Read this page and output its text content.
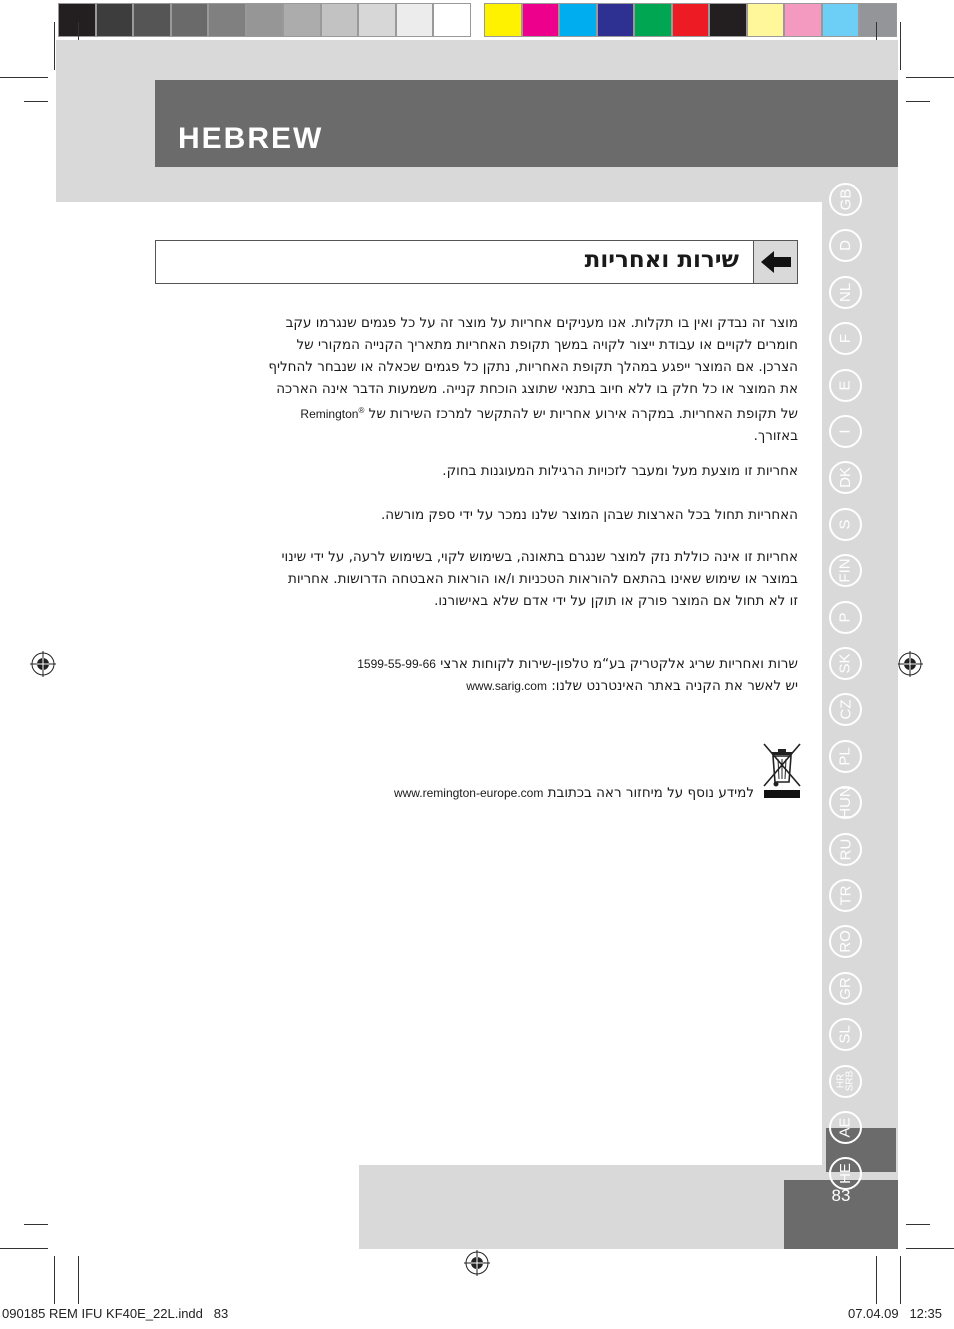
HEBREW
83
GB
D
NL
F
E
I
DK
S
FIN
P
SK
CZ
PL
HUN
RU
TR
RO
GR
SL
HR
SRB
AE
HE
שירות ואחריות
מוצר זה נבדק ואין בו תקלות. אנו מעניקים אחריות על מוצר זה על כל פגמים שנגרמו עקב
חומרים לקויים או עבודת ייצור לקויה במשך תקופת האחריות מתאריך הקנייה המקורי של
הצרכן. אם המוצר ייפגע במהלך תקופת האחריות, נתקן כל פגמים שכאלה או שנבחר להחליף
את המוצר או כל חלק בו ללא חיוב בתנאי שתוצג הוכחת קנייה. משמעות הדבר אינה הארכה
של תקופת האחריות. במקרה אירוע אחריות יש להתקשר למרכז השירות של Remington®
באזורך.
אחריות זו מוצעת מעל ומעבר לזכויות הרגילות המעוגנות בחוק.
האחריות תחול בכל הארצות שבהן המוצר שלנו נמכר על ידי ספק מורשה.
אחריות זו אינה כוללת נזק למוצר שנגרם בתאונה, בשימוש לקוי, בשימוש לרעה, על ידי שינוי
במוצר או שימוש שאינו בהתאם להוראות הטכניות ו/או הוראות האבטחה הדרושות. אחריות
זו לא תחול אם המוצר פורק או תוקן על ידי אדם שלא באישורנו.
שרות ואחריות שריג אלקטריק בע“מ טלפון-שירות לקוחות ארצי 1599-55-99-66
יש לאשר את הקניה באתר האינטרנט שלנו: www.sarig.com
למידע נוסף על מיחזור ראה בכתובת www.remington-europe.com
090185 REM IFU KF40E_22L.indd   83	07.04.09   12:35
